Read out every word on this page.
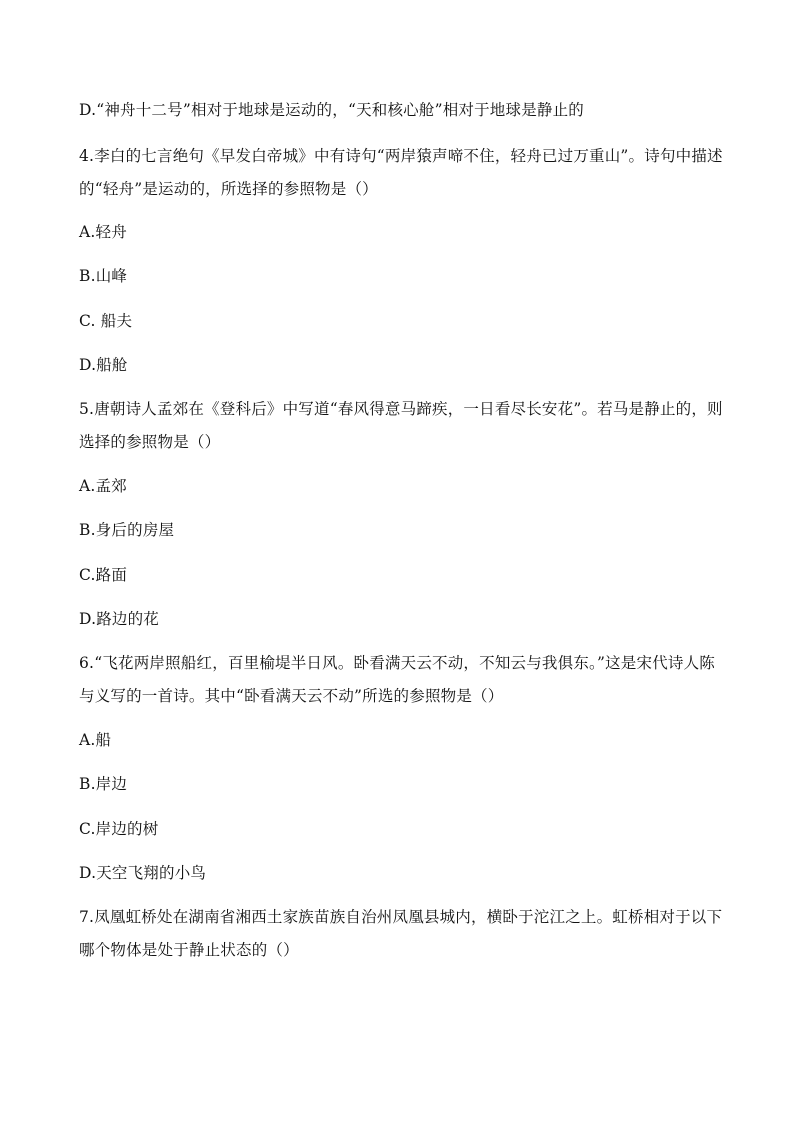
D.“神舟十二号”相对于地球是运动的，“天和核心舱”相对于地球是静止的
4.李白的七言绝句《早发白帝城》中有诗句“两岸猿声啼不住，轻舟已过万重山”。诗句中描述
的“轻舟”是运动的，所选择的参照物是（）
A.轻舟
B.山峰
C. 船夫
D.船舱
5.唐朝诗人孟郊在《登科后》中写道“春风得意马蹄疾，一日看尽长安花”。若马是静止的，则
选择的参照物是（）
A.孟郊
B.身后的房屋
C.路面
D.路边的花
6.“飞花两岸照船红，百里榆堤半日风。卧看满天云不动，不知云与我俱东。”这是宋代诗人陈
与义写的一首诗。其中“卧看满天云不动”所选的参照物是（）
A.船
B.岸边
C.岸边的树
D.天空飞翔的小鸟
7.凤凰虹桥处在湖南省湘西土家族苗族自治州凤凰县城内，横卧于沱江之上。虹桥相对于以下
哪个物体是处于静止状态的（）
